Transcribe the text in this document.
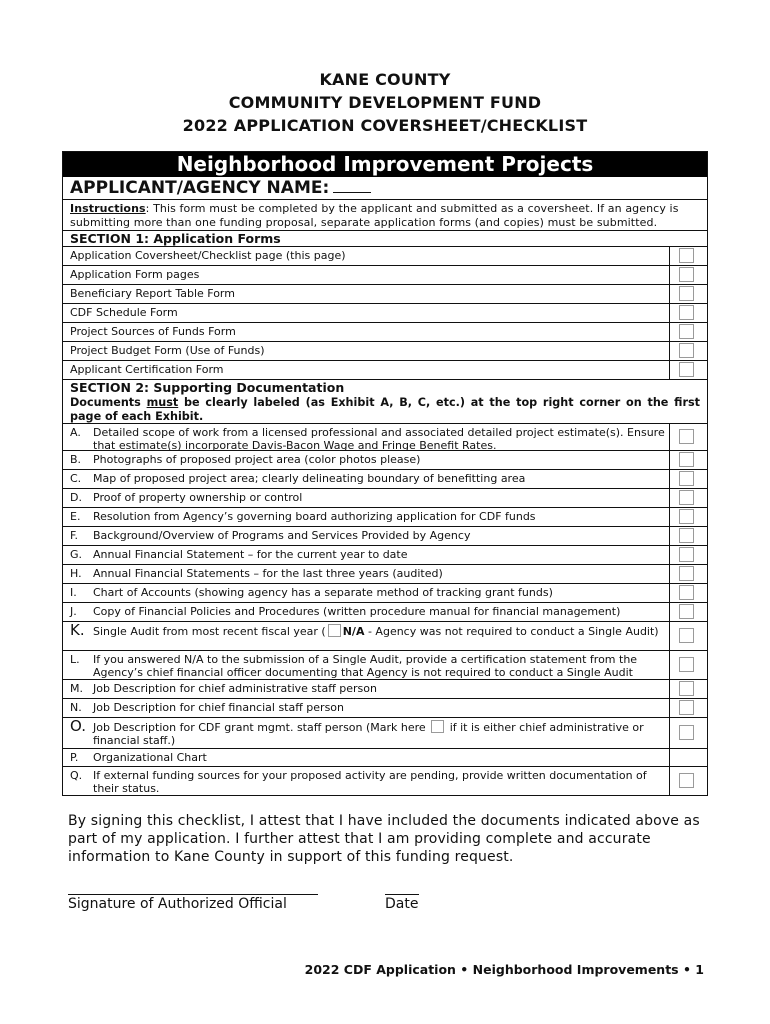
KANE COUNTY
COMMUNITY DEVELOPMENT FUND
2022 APPLICATION COVERSHEET/CHECKLIST
Neighborhood Improvement Projects
APPLICANT/AGENCY NAME:
Instructions: This form must be completed by the applicant and submitted as a coversheet. If an agency is submitting more than one funding proposal, separate application forms (and copies) must be submitted.
SECTION 1: Application Forms
Application Coversheet/Checklist page (this page)
Application Form pages
Beneficiary Report Table Form
CDF Schedule Form
Project Sources of Funds Form
Project Budget Form (Use of Funds)
Applicant Certification Form
SECTION 2: Supporting Documentation
Documents must be clearly labeled (as Exhibit A, B, C, etc.) at the top right corner on the first page of each Exhibit.
A.	Detailed scope of work from a licensed professional and associated detailed project estimate(s). Ensure that estimate(s) incorporate Davis-Bacon Wage and Fringe Benefit Rates.
B.	Photographs of proposed project area (color photos please)
C.	Map of proposed project area; clearly delineating boundary of benefitting area
D.	Proof of property ownership or control
E.	Resolution from Agency’s governing board authorizing application for CDF funds
F.	Background/Overview of Programs and Services Provided by Agency
G. Annual Financial Statement – for the current year to date
H.	Annual Financial Statements – for the last three years (audited)
I.	Chart of Accounts (showing agency has a separate method of tracking grant funds)
J.	Copy of Financial Policies and Procedures (written procedure manual for financial management)
K. Single Audit from most recent fiscal year ( N/A - Agency was not required to conduct a Single Audit)
L.	If you answered N/A to the submission of a Single Audit, provide a certification statement from the Agency’s chief financial officer documenting that Agency is not required to conduct a Single Audit
M. Job Description for chief administrative staff person
N.	Job Description for chief financial staff person
O. Job Description for CDF grant mgmt. staff person (Mark here  if it is either chief administrative or financial staff.)
P.	Organizational Chart
Q. If external funding sources for your proposed activity are pending, provide written documentation of their status.
By signing this checklist, I attest that I have included the documents indicated above as part of my application. I further attest that I am providing complete and accurate information to Kane County in support of this funding request.
Signature of Authorized Official	Date
2022 CDF Application • Neighborhood Improvements • 1
